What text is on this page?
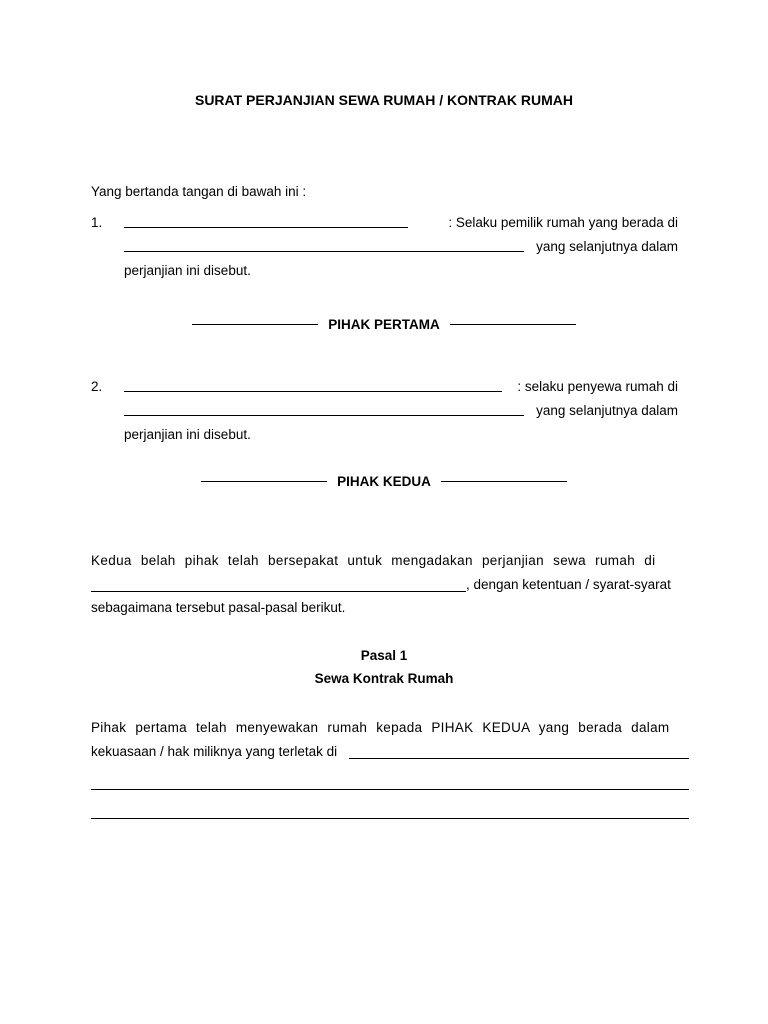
SURAT PERJANJIAN SEWA RUMAH / KONTRAK RUMAH
Yang bertanda tangan di bawah ini :
1.	: Selaku pemilik rumah yang berada di
yang selanjutnya dalam
perjanjian ini disebut.
PIHAK PERTAMA
2.	: selaku penyewa rumah di
yang selanjutnya dalam
perjanjian ini disebut.
PIHAK KEDUA
Kedua belah pihak telah bersepakat untuk mengadakan perjanjian sewa rumah di
, dengan ketentuan / syarat-syarat
sebagaimana tersebut pasal-pasal berikut.
Pasal 1
Sewa Kontrak Rumah
Pihak pertama telah menyewakan rumah kepada PIHAK KEDUA yang berada dalam
kekuasaan / hak miliknya yang terletak di
